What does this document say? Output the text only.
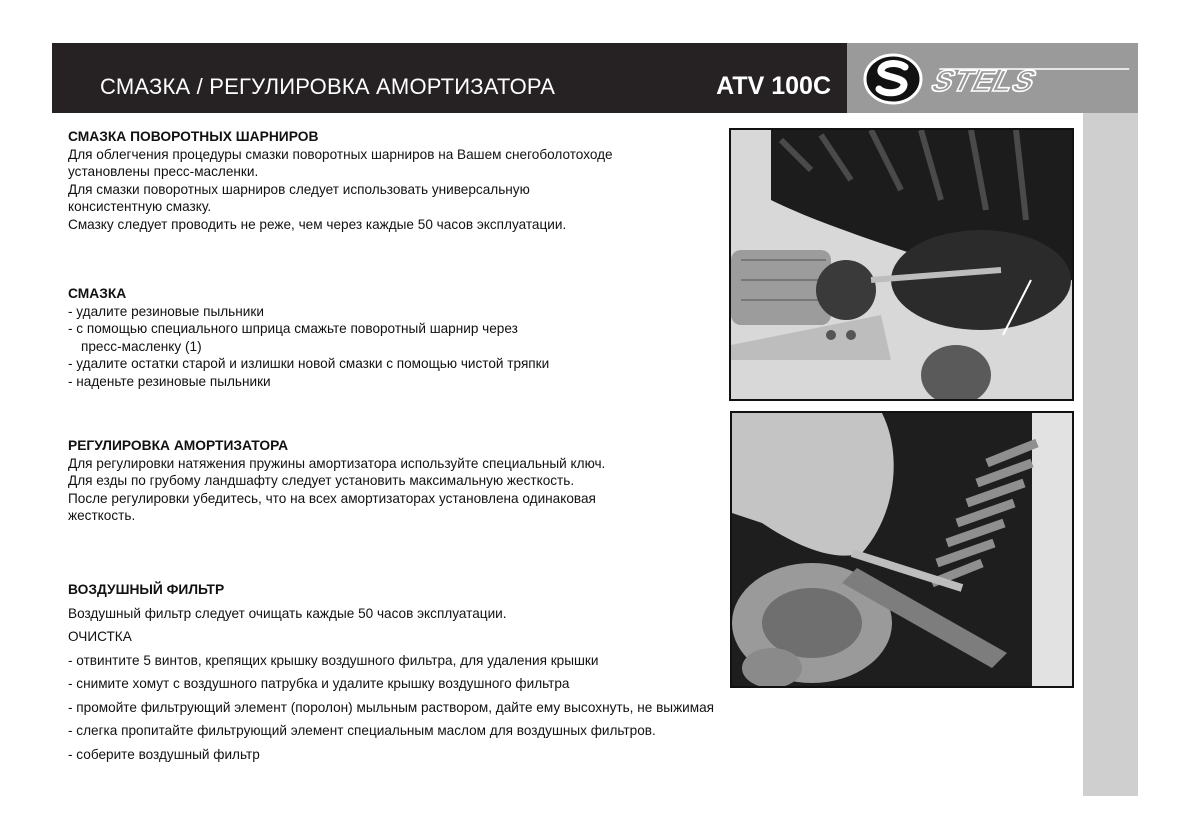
СМАЗКА / РЕГУЛИРОВКА АМОРТИЗАТОРА	ATV 100C	STELS

СМАЗКА ПОВОРОТНЫХ ШАРНИРОВ

Для облегчения процедуры смазки поворотных шарниров на Вашем снегоболотоходе

установлены пресс-масленки.

Для смазки поворотных шарниров следует использовать универсальную

консистентную смазку.

Смазку следует проводить не реже, чем через каждые 50 часов эксплуатации.

СМАЗКА

- удалите резиновые пыльники

- с помощью специального шприца смажьте поворотный шарнир через

пресс-масленку (1)

- удалите остатки старой и излишки новой смазки с помощью чистой тряпки

- наденьте резиновые пыльники

РЕГУЛИРОВКА АМОРТИЗАТОРА

Для регулировки натяжения пружины амортизатора используйте специальный ключ.

Для езды по грубому ландшафту следует установить максимальную жесткость.

После регулировки убедитесь, что на всех амортизаторах установлена одинаковая

жесткость.

ВОЗДУШНЫЙ ФИЛЬТР

Воздушный фильтр следует очищать каждые 50 часов эксплуатации.

ОЧИСТКА

- отвинтите 5 винтов, крепящих крышку воздушного фильтра, для удаления крышки

- снимите хомут с воздушного патрубка и удалите крышку воздушного фильтра

- промойте фильтрующий элемент (поролон) мыльным раствором, дайте ему высохнуть, не выжимая

- слегка пропитайте фильтрующий элемент специальным маслом для воздушных фильтров.

- соберите воздушный фильтр
